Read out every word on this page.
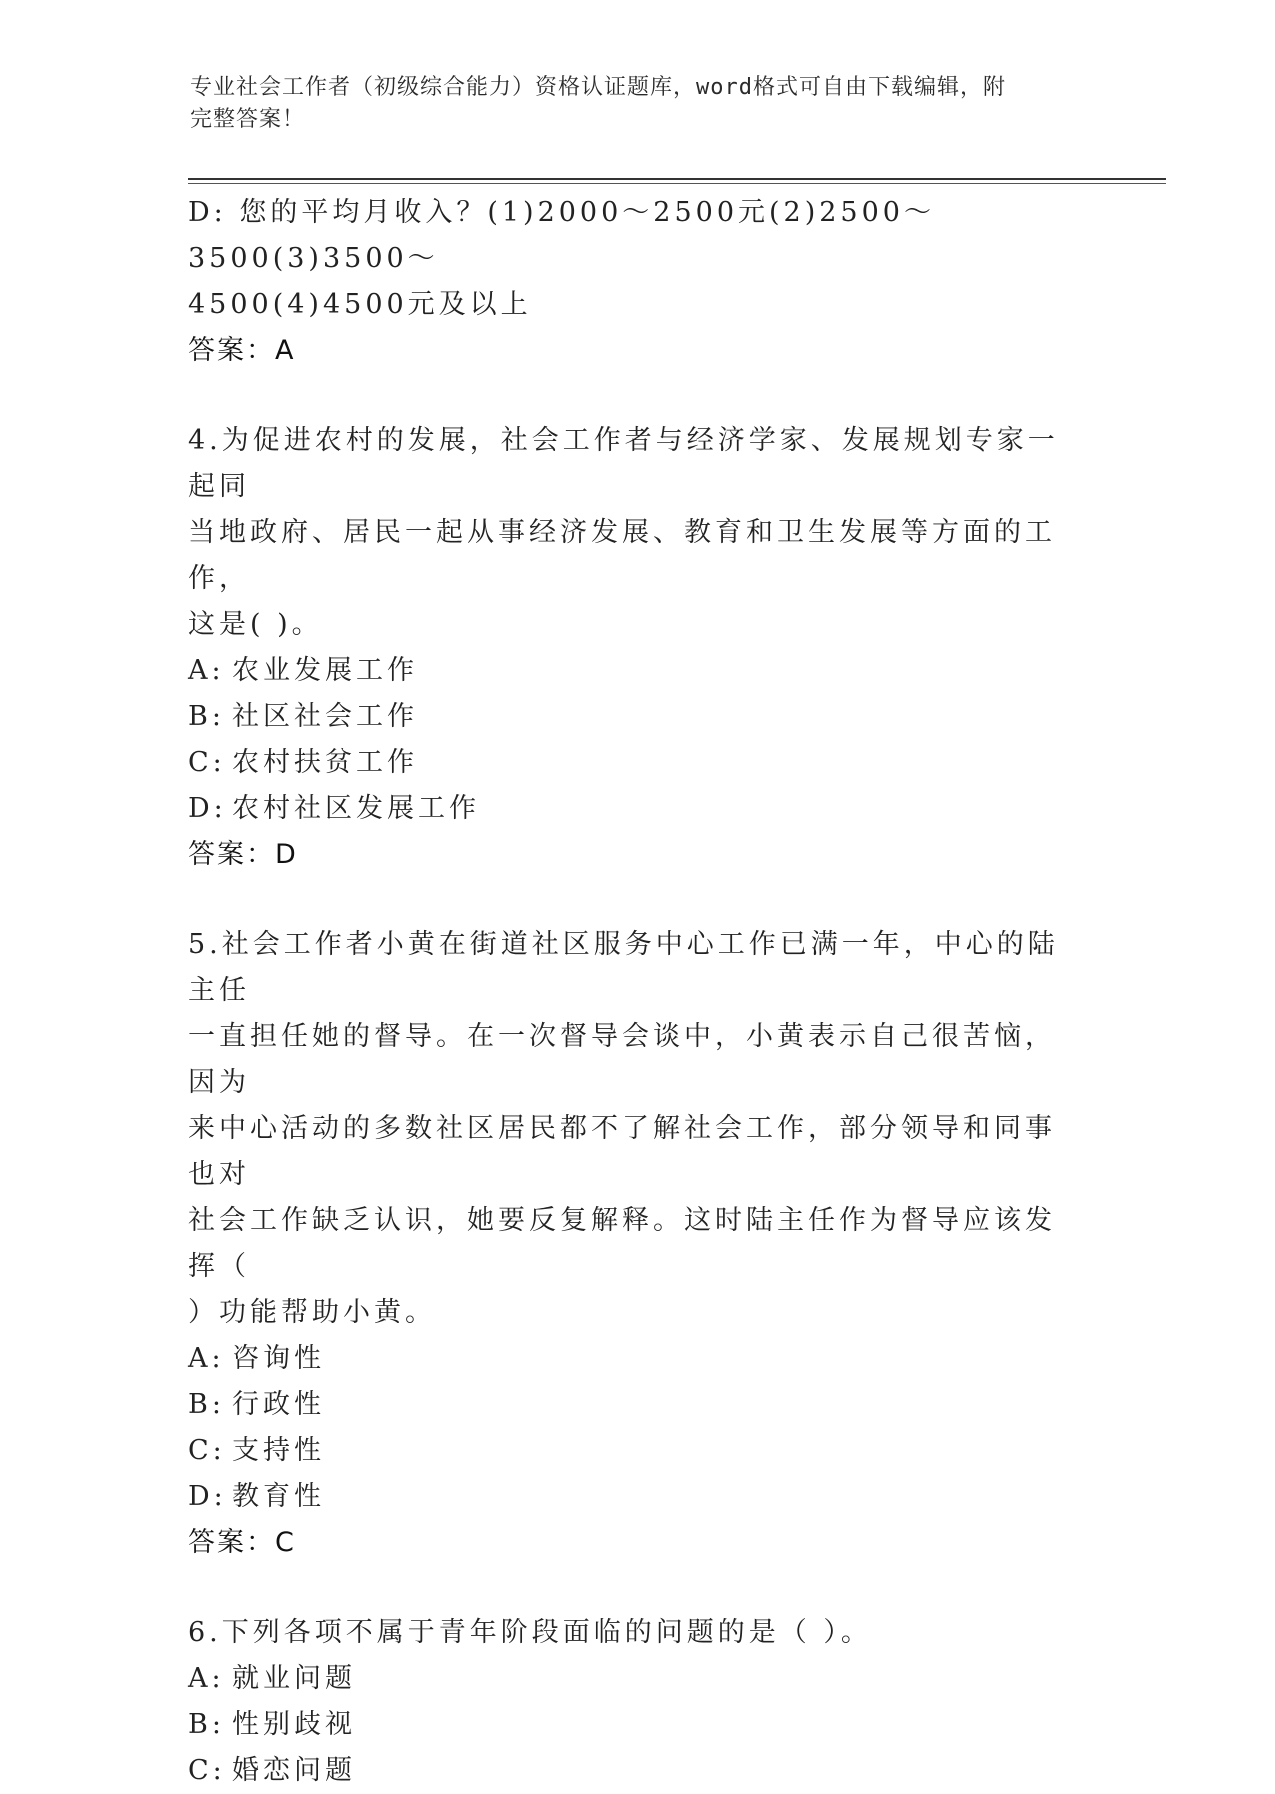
专业社会工作者（初级综合能力）资格认证题库，word格式可自由下载编辑，附
完整答案！
D: 您的平均月收入？(1)2000～2500元(2)2500～3500(3)3500～
4500(4)4500元及以上
答案：A
4.为促进农村的发展，社会工作者与经济学家、发展规划专家一起同
当地政府、居民一起从事经济发展、教育和卫生发展等方面的工作，
这是( )。
A: 农业发展工作
B: 社区社会工作
C: 农村扶贫工作
D: 农村社区发展工作
答案：D
5.社会工作者小黄在街道社区服务中心工作已满一年，中心的陆主任
一直担任她的督导。在一次督导会谈中，小黄表示自己很苦恼，因为
来中心活动的多数社区居民都不了解社会工作，部分领导和同事也对
社会工作缺乏认识，她要反复解释。这时陆主任作为督导应该发挥（
）功能帮助小黄。
A: 咨询性
B: 行政性
C: 支持性
D: 教育性
答案：C
6.下列各项不属于青年阶段面临的问题的是（ ）。
A: 就业问题
B: 性别歧视
C: 婚恋问题
